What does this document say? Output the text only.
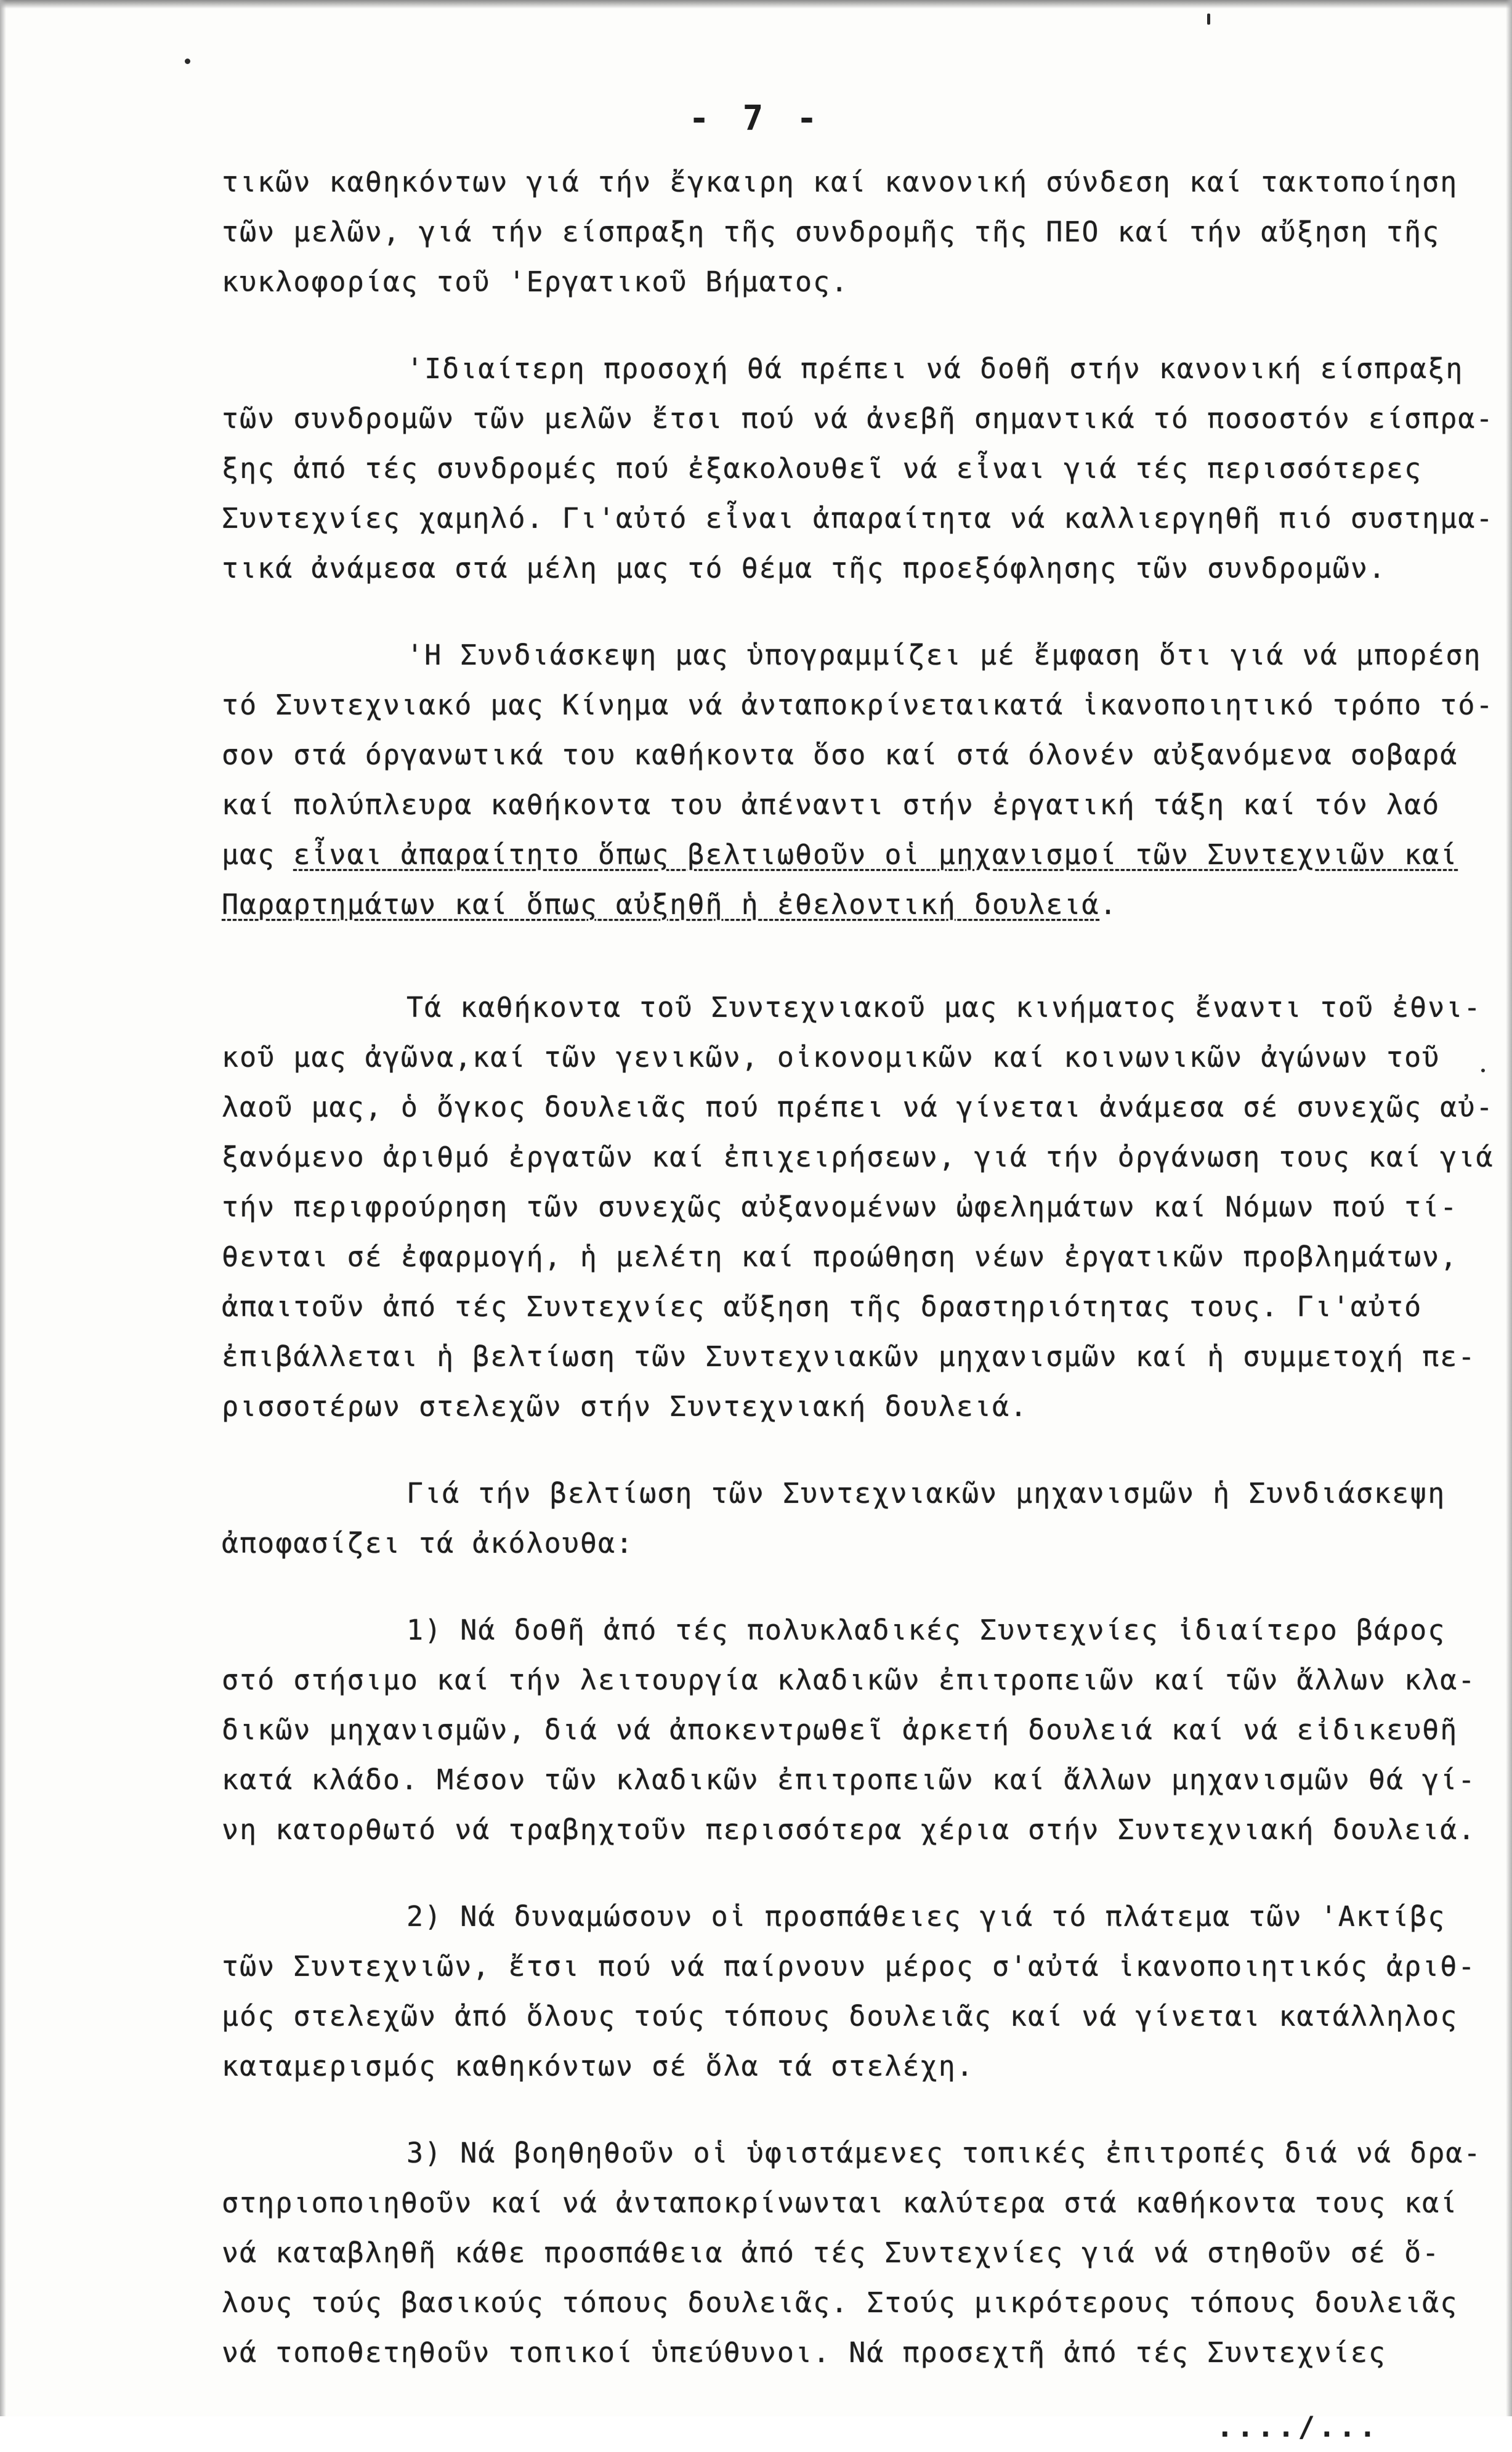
- 7 -
τικῶν καθηκόντων γιά τήν ἔγκαιρη καί κανονική σύνδεση καί τακτοποίηση
τῶν μελῶν, γιά τήν είσπραξη τῆς συνδρομῆς τῆς ΠΕΟ καί τήν αὔξηση τῆς
κυκλοφορίας τοῦ 'Εργατικοῦ Βήματος.
'Ιδιαίτερη προσοχή θά πρέπει νά δοθῆ στήν κανονική είσπραξη
τῶν συνδρομῶν τῶν μελῶν ἔτσι πού νά ἀνεβῆ σημαντικά τό ποσοστόν είσπρα-
ξης ἀπό τές συνδρομές πού ἐξακολουθεῖ νά εἶναι γιά τές περισσότερες
Συντεχνίες χαμηλό. Γι'αὐτό εἶναι ἀπαραίτητα νά καλλιεργηθῆ πιό συστημα-
τικά ἀνάμεσα στά μέλη μας τό θέμα τῆς προεξόφλησης τῶν συνδρομῶν.
'Η Συνδιάσκεψη μας ὑπογραμμίζει μέ ἔμφαση ὅτι γιά νά μπορέση
τό Συντεχνιακό μας Κίνημα νά ἀνταποκρίνεταικατά ἱκανοποιητικό τρόπο τό-
σον στά όργανωτικά του καθήκοντα ὅσο καί στά όλονέν αὐξανόμενα σοβαρά
καί πολύπλευρα καθήκοντα του ἀπέναντι στήν ἐργατική τάξη καί τόν λαό
μας εἶναι ἀπαραίτητο ὅπως βελτιωθοῦν οἱ μηχανισμοί τῶν Συντεχνιῶν καί
Παραρτημάτων καί ὅπως αὐξηθῆ ἡ ἐθελοντική δουλειά.
Τά καθήκοντα τοῦ Συντεχνιακοῦ μας κινήματος ἔναντι τοῦ ἐθνι-
κοῦ μας ἀγῶνα,καί τῶν γενικῶν, οἰκονομικῶν καί κοινωνικῶν ἀγώνων τοῦ
λαοῦ μας, ὁ ὄγκος δουλειᾶς πού πρέπει νά γίνεται ἀνάμεσα σέ συνεχῶς αὐ-
ξανόμενο ἀριθμό ἐργατῶν καί ἐπιχειρήσεων, γιά τήν ὀργάνωση τους καί γιά
τήν περιφρούρηση τῶν συνεχῶς αὐξανομένων ὠφελημάτων καί Νόμων πού τί-
θενται σέ ἐφαρμογή, ἡ μελέτη καί προώθηση νέων ἐργατικῶν προβλημάτων,
ἀπαιτοῦν ἀπό τές Συντεχνίες αὔξηση τῆς δραστηριότητας τους. Γι'αὐτό
ἐπιβάλλεται ἡ βελτίωση τῶν Συντεχνιακῶν μηχανισμῶν καί ἡ συμμετοχή πε-
ρισσοτέρων στελεχῶν στήν Συντεχνιακή δουλειά.
Γιά τήν βελτίωση τῶν Συντεχνιακῶν μηχανισμῶν ἡ Συνδιάσκεψη
ἀποφασίζει τά ἀκόλουθα:
1) Νά δοθῆ ἀπό τές πολυκλαδικές Συντεχνίες ἰδιαίτερο βάρος
στό στήσιμο καί τήν λειτουργία κλαδικῶν ἐπιτροπειῶν καί τῶν ἄλλων κλα-
δικῶν μηχανισμῶν, διά νά ἀποκεντρωθεῖ ἀρκετή δουλειά καί νά εἰδικευθῆ
κατά κλάδο. Μέσον τῶν κλαδικῶν ἐπιτροπειῶν καί ἄλλων μηχανισμῶν θά γί-
νη κατορθωτό νά τραβηχτοῦν περισσότερα χέρια στήν Συντεχνιακή δουλειά.
2) Νά δυναμώσουν οἱ προσπάθειες γιά τό πλάτεμα τῶν 'Ακτίβς
τῶν Συντεχνιῶν, ἔτσι πού νά παίρνουν μέρος σ'αὐτά ἱκανοποιητικός ἀριθ-
μός στελεχῶν ἀπό ὅλους τούς τόπους δουλειᾶς καί νά γίνεται κατάλληλος
καταμερισμός καθηκόντων σέ ὅλα τά στελέχη.
3) Νά βοηθηθοῦν οἱ ὑφιστάμενες τοπικές ἐπιτροπές διά νά δρα-
στηριοποιηθοῦν καί νά ἀνταποκρίνωνται καλύτερα στά καθήκοντα τους καί
νά καταβληθῆ κάθε προσπάθεια ἀπό τές Συντεχνίες γιά νά στηθοῦν σέ ὅ-
λους τούς βασικούς τόπους δουλειᾶς. Στούς μικρότερους τόπους δουλειᾶς
νά τοποθετηθοῦν τοπικοί ὑπεύθυνοι. Νά προσεχτῆ ἀπό τές Συντεχνίες
..../...
